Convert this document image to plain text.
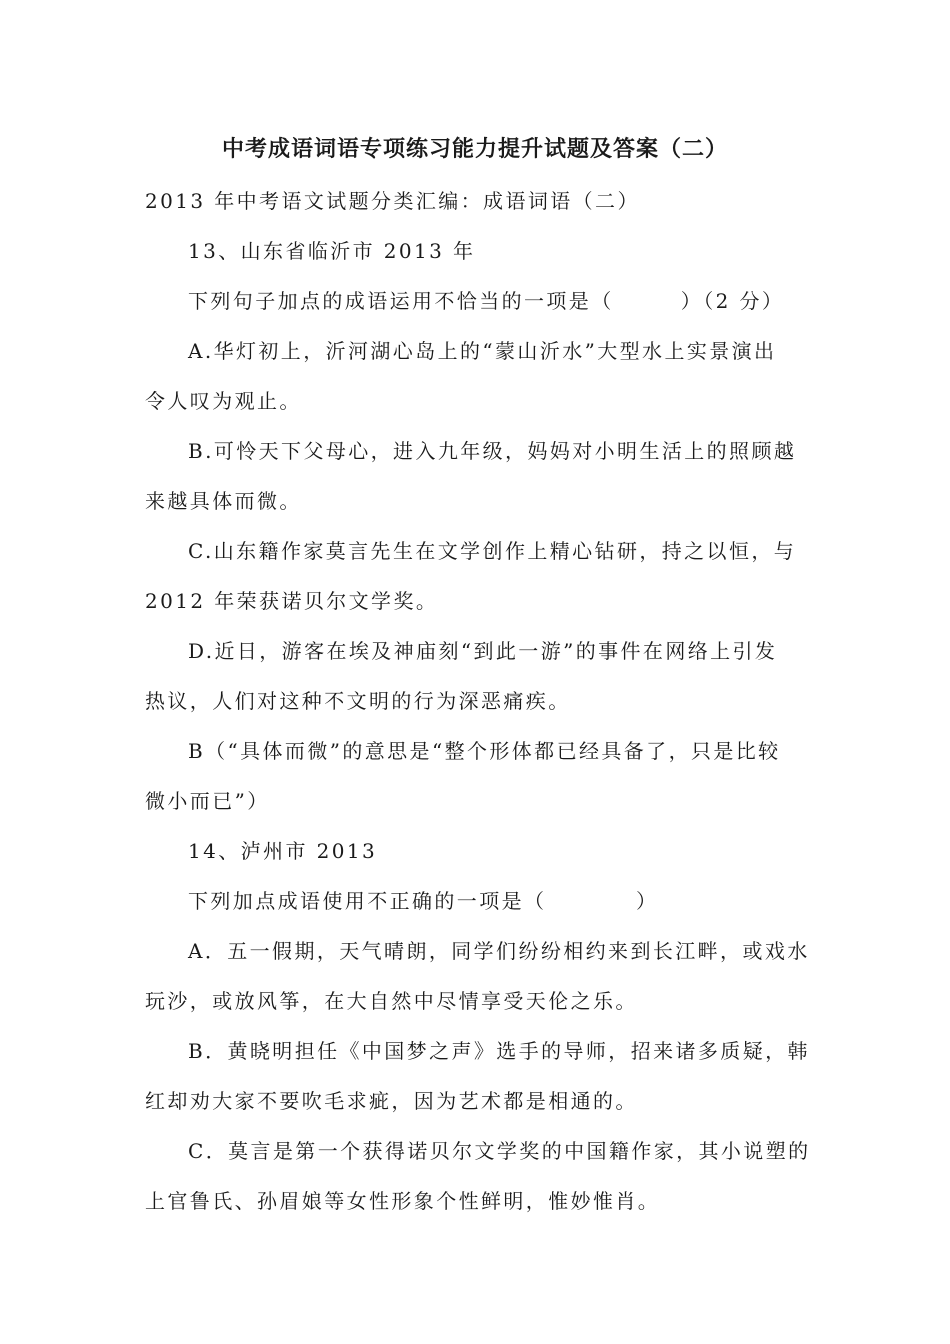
中考成语词语专项练习能力提升试题及答案（二）
2013 年中考语文试题分类汇编：成语词语（二）
13、山东省临沂市 2013 年
下列句子加点的成语运用不恰当的一项是（　　　）（2 分）
A.华灯初上，沂河湖心岛上的“蒙山沂水”大型水上实景演出
令人叹为观止。
B.可怜天下父母心，进入九年级，妈妈对小明生活上的照顾越
来越具体而微。
C.山东籍作家莫言先生在文学创作上精心钻研，持之以恒，与
2012 年荣获诺贝尔文学奖。
D.近日，游客在埃及神庙刻“到此一游”的事件在网络上引发
热议，人们对这种不文明的行为深恶痛疾。
B（“具体而微”的意思是“整个形体都已经具备了，只是比较
微小而已”）
14、泸州市 2013
下列加点成语使用不正确的一项是（　　　　）
A．五一假期，天气晴朗，同学们纷纷相约来到长江畔，或戏水
玩沙，或放风筝，在大自然中尽情享受天伦之乐。
B．黄晓明担任《中国梦之声》选手的导师，招来诸多质疑，韩
红却劝大家不要吹毛求疵，因为艺术都是相通的。
C．莫言是第一个获得诺贝尔文学奖的中国籍作家，其小说塑的
上官鲁氏、孙眉娘等女性形象个性鲜明，惟妙惟肖。
